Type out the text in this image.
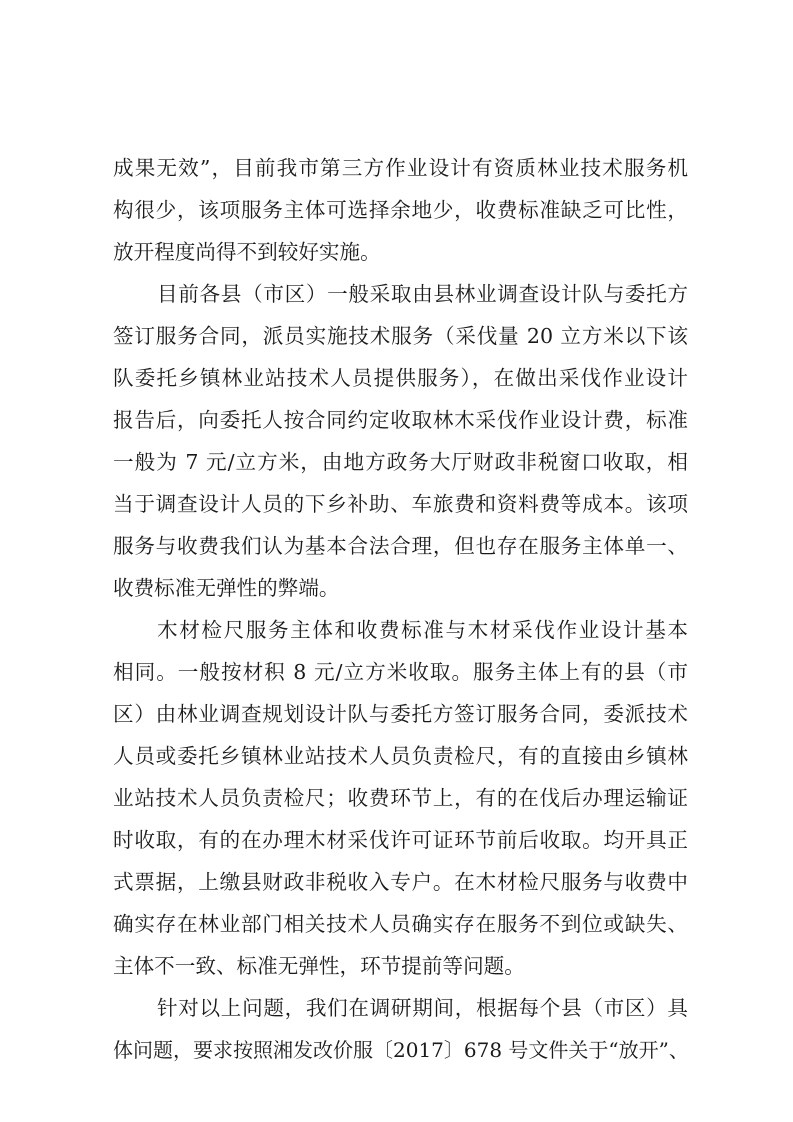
成果无效”，目前我市第三方作业设计有资质林业技术服务机
构很少，该项服务主体可选择余地少，收费标准缺乏可比性，
放开程度尚得不到较好实施。
目前各县（市区）一般采取由县林业调查设计队与委托方
签订服务合同，派员实施技术服务（采伐量 20 立方米以下该
队委托乡镇林业站技术人员提供服务），在做出采伐作业设计
报告后，向委托人按合同约定收取林木采伐作业设计费，标准
一般为 7 元/立方米，由地方政务大厅财政非税窗口收取，相
当于调查设计人员的下乡补助、车旅费和资料费等成本。该项
服务与收费我们认为基本合法合理，但也存在服务主体单一、
收费标准无弹性的弊端。
木材检尺服务主体和收费标准与木材采伐作业设计基本
相同。一般按材积 8 元/立方米收取。服务主体上有的县（市
区）由林业调查规划设计队与委托方签订服务合同，委派技术
人员或委托乡镇林业站技术人员负责检尺，有的直接由乡镇林
业站技术人员负责检尺；收费环节上，有的在伐后办理运输证
时收取，有的在办理木材采伐许可证环节前后收取。均开具正
式票据，上缴县财政非税收入专户。在木材检尺服务与收费中
确实存在林业部门相关技术人员确实存在服务不到位或缺失、
主体不一致、标准无弹性，环节提前等问题。
针对以上问题，我们在调研期间，根据每个县（市区）具
体问题，要求按照湘发改价服〔2017〕678 号文件关于“放开”、
